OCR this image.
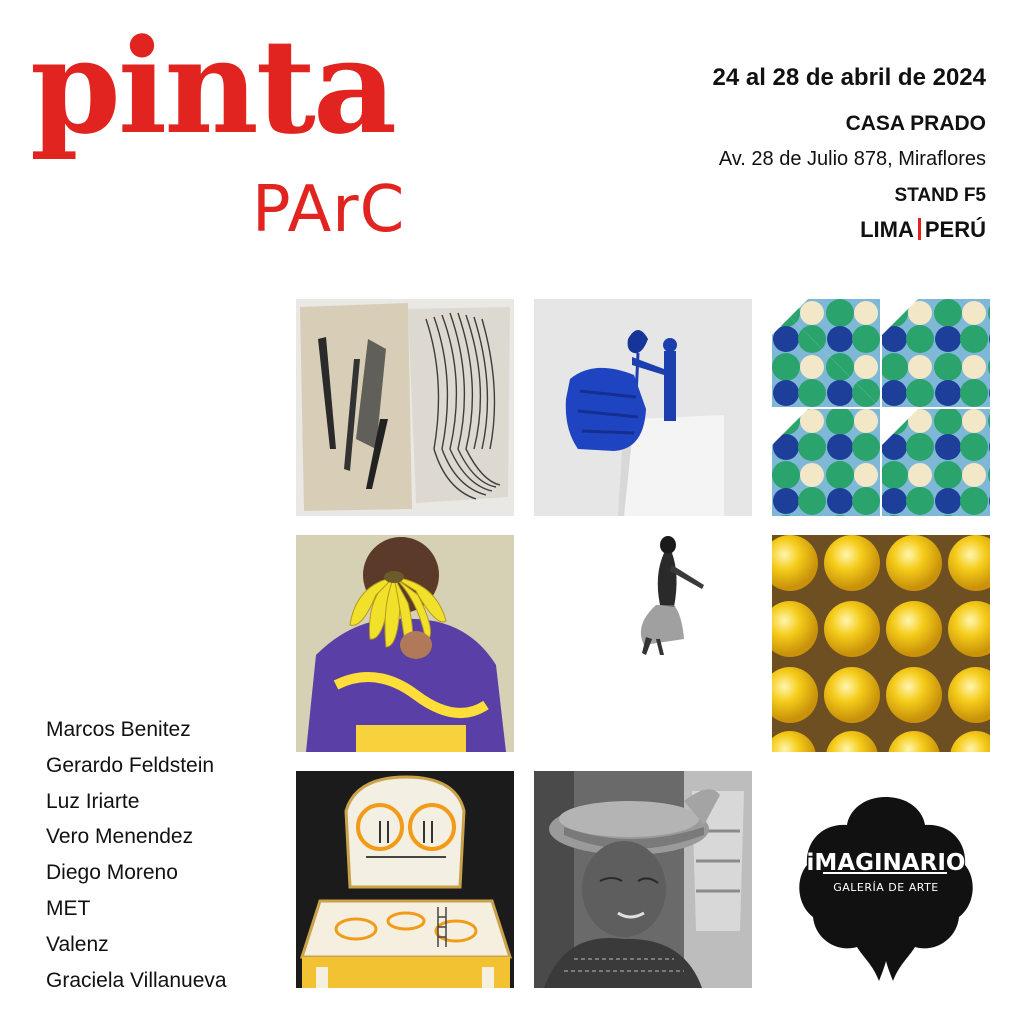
pinta
PArC
24 al 28 de abril de 2024
CASA PRADO
Av. 28 de Julio 878, Miraflores
STAND F5
LIMA PERÚ
Marcos Benitez
Gerardo Feldstein
Luz Iriarte
Vero Menendez
Diego Moreno
MET
Valenz
Graciela Villanueva
iMAGINARIO
GALERÍA DE ARTE
